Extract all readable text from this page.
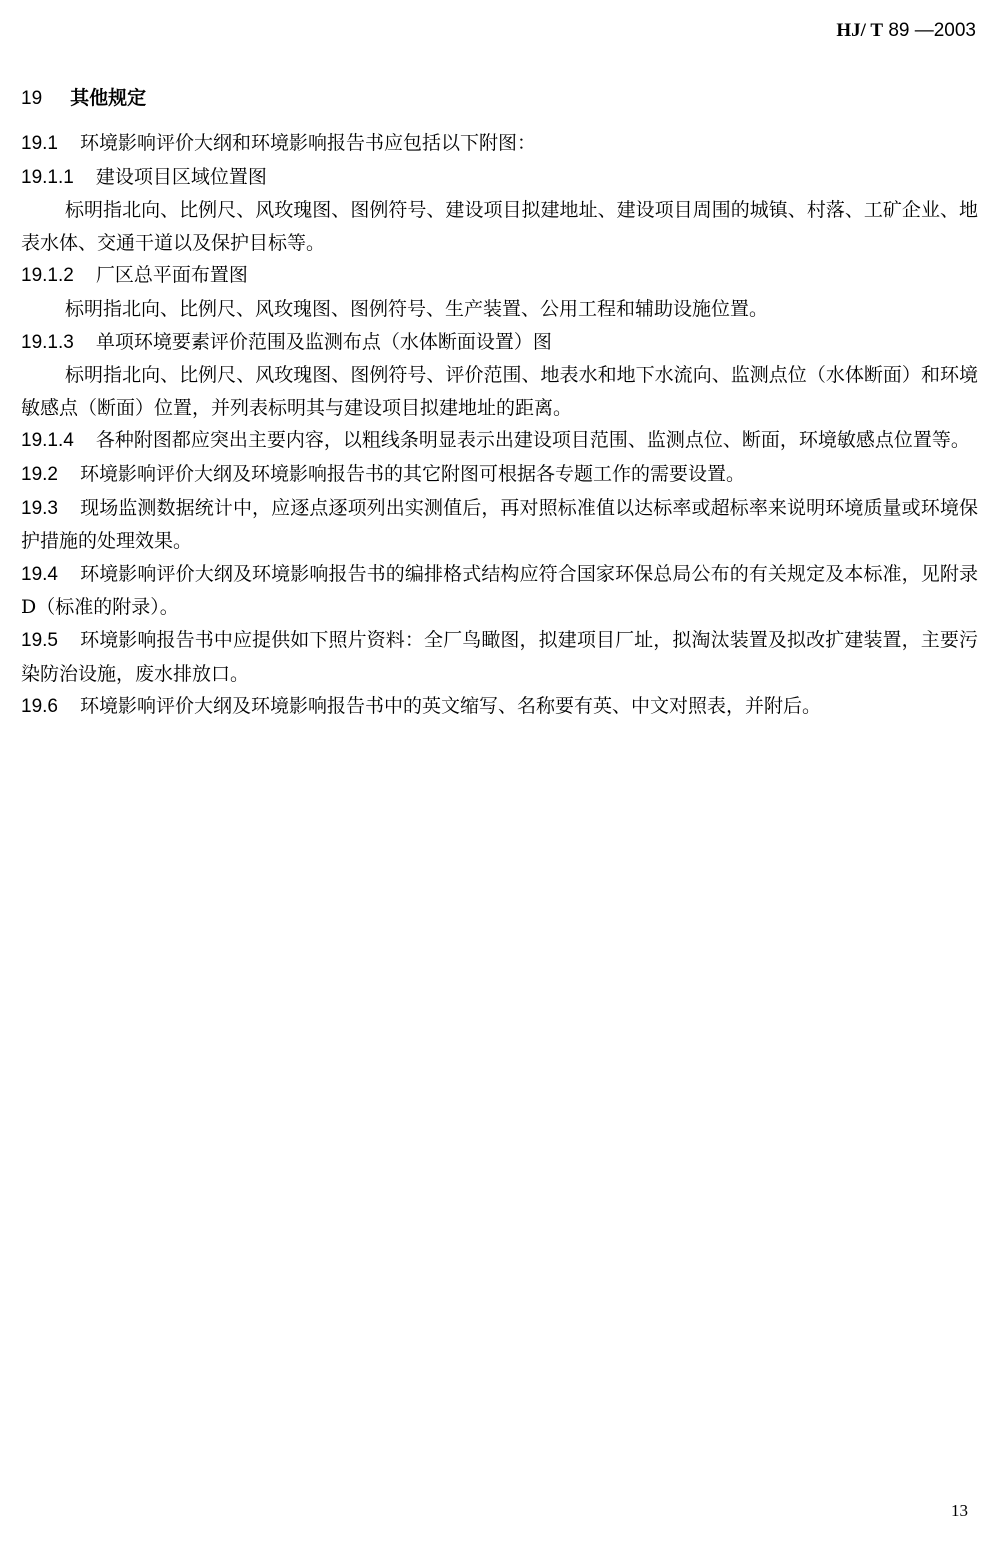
HJ/ T 89 —2003
19 其他规定

19.1 环境影响评价大纲和环境影响报告书应包括以下附图：

19.1.1 建设项目区域位置图

标明指北向、比例尺、风玫瑰图、图例符号、建设项目拟建地址、建设项目周围的城镇、村落、工矿企业、地表水体、交通干道以及保护目标等。

19.1.2 厂区总平面布置图

标明指北向、比例尺、风玫瑰图、图例符号、生产装置、公用工程和辅助设施位置。

19.1.3 单项环境要素评价范围及监测布点（水体断面设置）图

标明指北向、比例尺、风玫瑰图、图例符号、评价范围、地表水和地下水流向、监测点位（水体断面）和环境敏感点（断面）位置，并列表标明其与建设项目拟建地址的距离。

19.1.4 各种附图都应突出主要内容，以粗线条明显表示出建设项目范围、监测点位、断面，环境敏感点位置等。

19.2 环境影响评价大纲及环境影响报告书的其它附图可根据各专题工作的需要设置。

19.3 现场监测数据统计中，应逐点逐项列出实测值后，再对照标准值以达标率或超标率来说明环境质量或环境保护措施的处理效果。

19.4 环境影响评价大纲及环境影响报告书的编排格式结构应符合国家环保总局公布的有关规定及本标准，见附录 D（标准的附录）。

19.5 环境影响报告书中应提供如下照片资料：全厂鸟瞰图，拟建项目厂址，拟淘汰装置及拟改扩建装置，主要污染防治设施，废水排放口。

19.6 环境影响评价大纲及环境影响报告书中的英文缩写、名称要有英、中文对照表，并附后。

13
